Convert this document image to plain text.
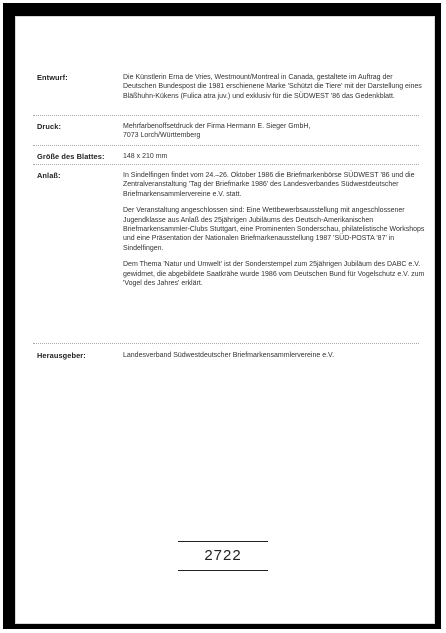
Entwurf:	Die Künstlerin Erna de Vries, Westmount/Montreal in Canada, gestaltete im Auftrag der Deutschen Bundespost die 1981 erschienene Marke 'Schützt die Tiere' mit der Darstellung eines Bläßhuhn-Kükens (Fulica atra juv.) und exklusiv für die SÜDWEST '86 das Gedenkblatt.

Druck:	Mehrfarbenoffsetdruck der Firma Hermann E. Sieger GmbH,
7073 Lorch/Württemberg

Größe des Blattes:	148 x 210 mm

Anlaß:	In Sindelfingen findet vom 24.–26. Oktober 1986 die Briefmarkenbörse SÜDWEST '86 und die Zentralveranstaltung 'Tag der Briefmarke 1986' des Landesverbandes Südwestdeutscher Briefmarkensammlervereine e.V. statt.

Der Veranstaltung angeschlossen sind: Eine Wettbewerbsausstellung mit angeschlossener Jugendklasse aus Anlaß des 25jährigen Jubiläums des Deutsch-Amerikanischen Briefmarkensammler-Clubs Stuttgart, eine Prominenten Sonderschau, philatelistische Workshops und eine Präsentation der Nationalen Briefmarkenausstellung 1987 'SÜD-POSTA '87' in Sindelfingen.

Dem Thema 'Natur und Umwelt' ist der Sonderstempel zum 25jährigen Jubiläum des DABC e.V. gewidmet, die abgebildete Saatkrähe wurde 1986 vom Deutschen Bund für Vogelschutz e.V. zum 'Vogel des Jahres' erklärt.

Herausgeber:	Landesverband Südwestdeutscher Briefmarkensammlervereine e.V.

2722
